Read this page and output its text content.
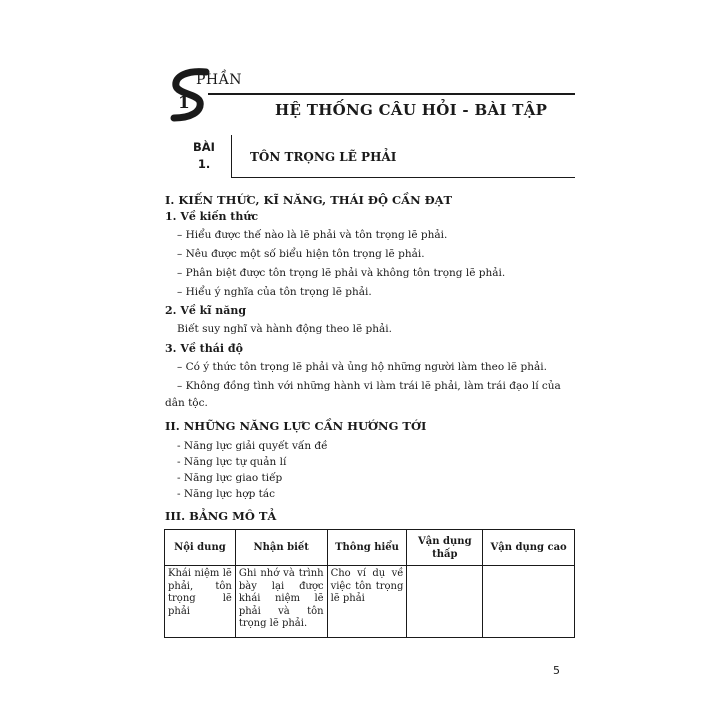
PHẦN
1	HỆ THỐNG CÂU HỎI - BÀI TẬP
BÀI
1.	TÔN TRỌNG LẼ PHẢI
I. KIẾN THỨC, KĨ NĂNG, THÁI ĐỘ CẦN ĐẠT
1. Về kiến thức
– Hiểu được thế nào là lẽ phải và tôn trọng lẽ phải.
– Nêu được một số biểu hiện tôn trọng lẽ phải.
– Phân biệt được tôn trọng lẽ phải và không tôn trọng lẽ phải.
– Hiểu ý nghĩa của tôn trọng lẽ phải.
2. Về kĩ năng
Biết suy nghĩ và hành động theo lẽ phải.
3. Về thái độ
– Có ý thức tôn trọng lẽ phải và ủng hộ những người làm theo lẽ phải.
– Không đồng tình với những hành vi làm trái lẽ phải, làm trái đạo lí của
dân tộc.
II. NHỮNG NĂNG LỰC CẦN HƯỚNG TỚI
- Năng lực giải quyết vấn đề
- Năng lực tự quản lí
- Năng lực giao tiếp
- Năng lực hợp tác
III. BẢNG MÔ TẢ
Nội dung	Nhận biết	Thông hiểu	Vận dụng thấp	Vận dụng cao
Khái niệm lẽ phải, tôn trọng lẽ phải	Ghi nhớ và trình bày lại được khái niệm lẽ phải và tôn trọng lẽ phải.	Cho ví dụ về việc tôn trọng lẽ phải		
5
